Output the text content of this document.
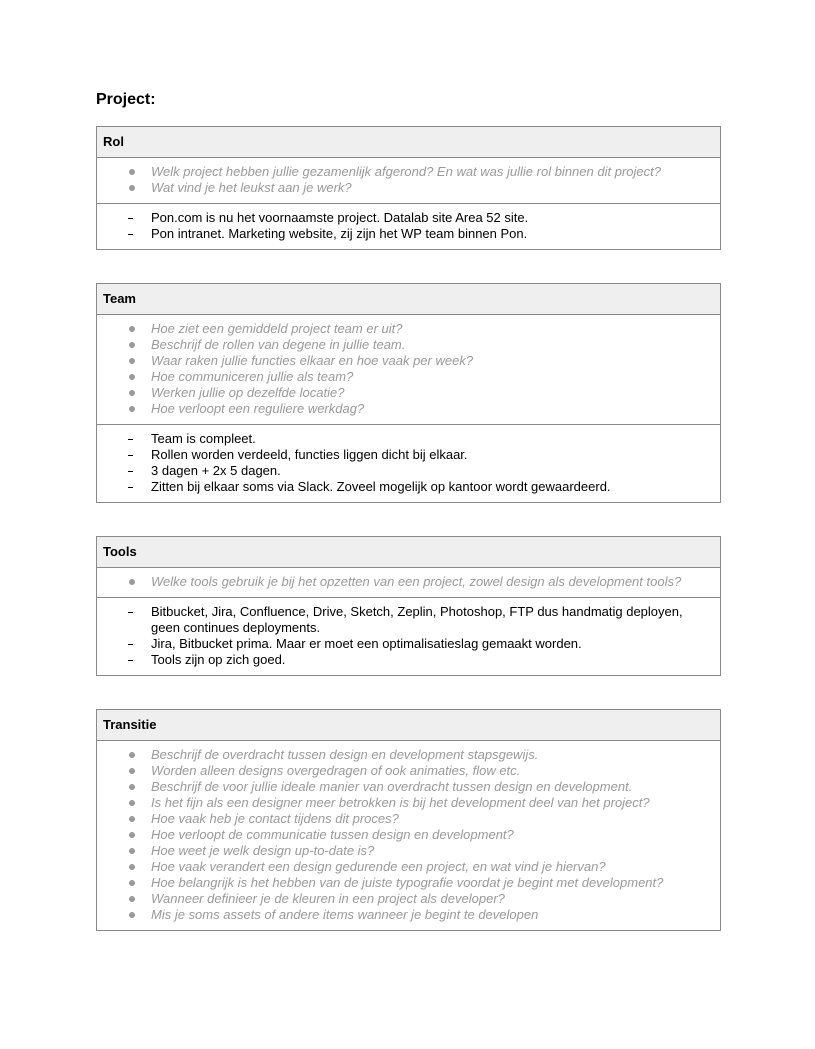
Project:
Rol
Welk project hebben jullie gezamenlijk afgerond? En wat was jullie rol binnen dit project?
Wat vind je het leukst aan je werk?
Pon.com is nu het voornaamste project. Datalab site Area 52 site.
Pon intranet. Marketing website, zij zijn het WP team binnen Pon.
Team
Hoe ziet een gemiddeld project team er uit?
Beschrijf de rollen van degene in jullie team.
Waar raken jullie functies elkaar en hoe vaak per week?
Hoe communiceren jullie als team?
Werken jullie op dezelfde locatie?
Hoe verloopt een reguliere werkdag?
Team is compleet.
Rollen worden verdeeld, functies liggen dicht bij elkaar.
3 dagen + 2x 5 dagen.
Zitten bij elkaar soms via Slack. Zoveel mogelijk op kantoor wordt gewaardeerd.
Tools
Welke tools gebruik je bij het opzetten van een project, zowel design als development tools?
Bitbucket, Jira, Confluence, Drive, Sketch, Zeplin, Photoshop, FTP dus handmatig deployen, geen continues deployments.
Jira, Bitbucket prima. Maar er moet een optimalisatieslag gemaakt worden.
Tools zijn op zich goed.
Transitie
Beschrijf de overdracht tussen design en development stapsgewijs.
Worden alleen designs overgedragen of ook animaties, flow etc.
Beschrijf de voor jullie ideale manier van overdracht tussen design en development.
Is het fijn als een designer meer betrokken is bij het development deel van het project?
Hoe vaak heb je contact tijdens dit proces?
Hoe verloopt de communicatie tussen design en development?
Hoe weet je welk design up-to-date is?
Hoe vaak verandert een design gedurende een project, en wat vind je hiervan?
Hoe belangrijk is het hebben van de juiste typografie voordat je begint met development?
Wanneer definieer je de kleuren in een project als developer?
Mis je soms assets of andere items wanneer je begint te developen
